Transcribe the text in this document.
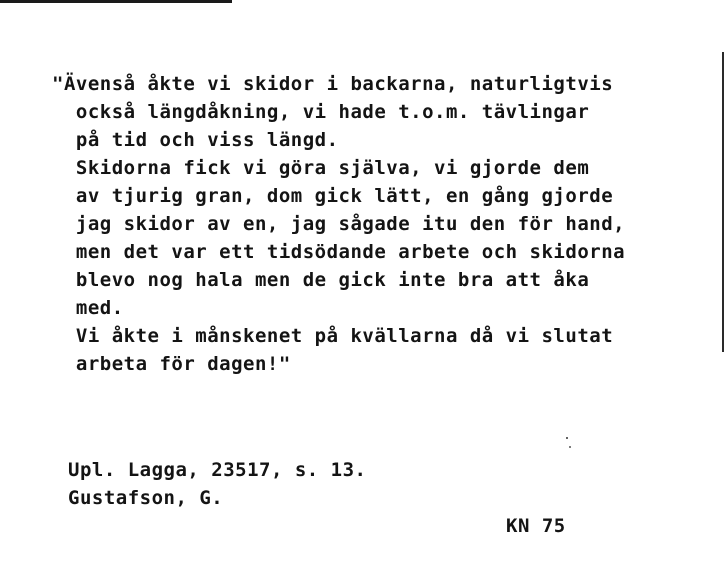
"Ävenså åkte vi skidor i backarna, naturligtvis
också längdåkning, vi hade t.o.m. tävlingar
på tid och viss längd.
Skidorna fick vi göra själva, vi gjorde dem
av tjurig gran, dom gick lätt, en gång gjorde
jag skidor av en, jag sågade itu den för hand,
men det var ett tidsödande arbete och skidorna
blevo nog hala men de gick inte bra att åka
med.
Vi åkte i månskenet på kvällarna då vi slutat
arbeta för dagen!"
Upl. Lagga, 23517, s. 13.
Gustafson, G.
KN 75
